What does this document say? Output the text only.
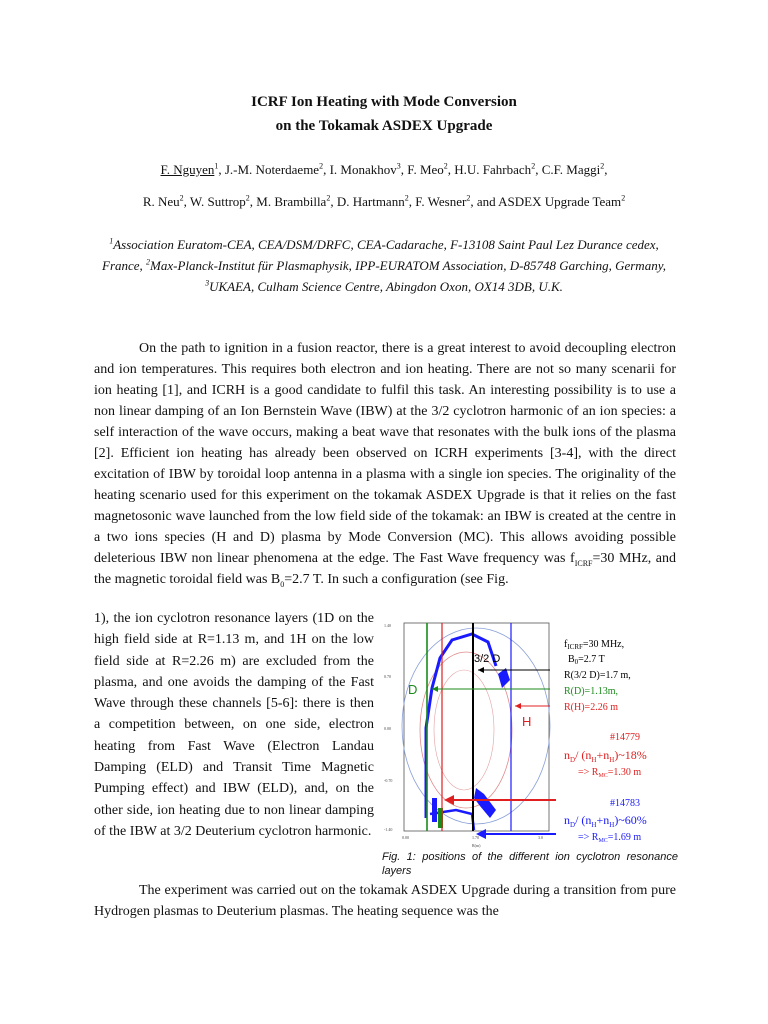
ICRF Ion Heating with Mode Conversion
on the Tokamak ASDEX Upgrade
F. Nguyen$^1$, J.-M. Noterdaeme$^2$, I. Monakhov$^3$, F. Meo$^2$, H.U. Fahrbach$^2$, C.F. Maggi$^2$,
R. Neu$^2$, W. Suttrop$^2$, M. Brambilla$^2$, D. Hartmann$^2$, F. Wesner$^2$, and ASDEX Upgrade Team$^2$
$^1$Association Euratom-CEA, CEA/DSM/DRFC, CEA-Cadarache, F-13108 Saint Paul Lez Durance cedex, France, $^2$Max-Planck-Institut für Plasmaphysik, IPP-EURATOM Association, D-85748 Garching, Germany, $^3$UKAEA, Culham Science Centre, Abingdon Oxon, OX14 3DB, U.K.

On the path to ignition in a fusion reactor, there is a great interest to avoid decoupling electron and ion temperatures. This requires both electron and ion heating. There are not so many scenarii for ion heating [1], and ICRH is a good candidate to fulfil this task. An interesting possibility is to use a non linear damping of an Ion Bernstein Wave (IBW) at the 3/2 cyclotron harmonic of an ion species: a self interaction of the wave occurs, making a beat wave that resonates with the bulk ions of the plasma [2]. Efficient ion heating has already been observed on ICRH experiments [3-4], with the direct excitation of IBW by toroidal loop antenna in a plasma with a single ion species. The originality of the heating scenario used for this experiment on the tokamak ASDEX Upgrade is that it relies on the fast magnetosonic wave launched from the low field side of the tokamak: an IBW is created at the centre in a two ions species (H and D) plasma by Mode Conversion (MC). This allows avoiding possible deleterious IBW non linear phenomena at the edge. The Fast Wave frequency was $f_{ICRF}=30$ MHz, and the magnetic toroidal field was $B_0=2.7$ T. In such a configuration (see Fig.

1), the ion cyclotron resonance layers (1D on the high field side at R=1.13 m, and 1H on the low field side at R=2.26 m) are excluded from the plasma, and one avoids the damping of the Fast Wave through these channels [5-6]: there is then a competition between, on one side, electron heating from Fast Wave (Electron Landau Damping (ELD) and Transit Time Magnetic Pumping effect) and IBW (ELD), and, on the other side, ion heating due to non linear damping of the IBW at 3/2 Deuterium cyclotron harmonic.
1.40
0.70
0.00
-0.70
-1.40
0.00	1.70	3.0
R(m)
3/2 D
D
H
$f_{ICRF}=30$ MHz,
$B_0=2.7$ T
R(3/2 D)=1.7 m,
R(D)=1.13m,
R(H)=2.26 m
#14779
$n_D/$ $(n_H+n_H)\sim 18\%$
=> $R_{MC}=1.30$ m
#14783
$n_D/$ $(n_H+n_H)\sim 60\%$
=> $R_{MC}=1.69$ m
Fig. 1: positions of the different ion cyclotron resonance layers

The experiment was carried out on the tokamak ASDEX Upgrade during a transition from pure Hydrogen plasmas to Deuterium plasmas. The heating sequence was the
